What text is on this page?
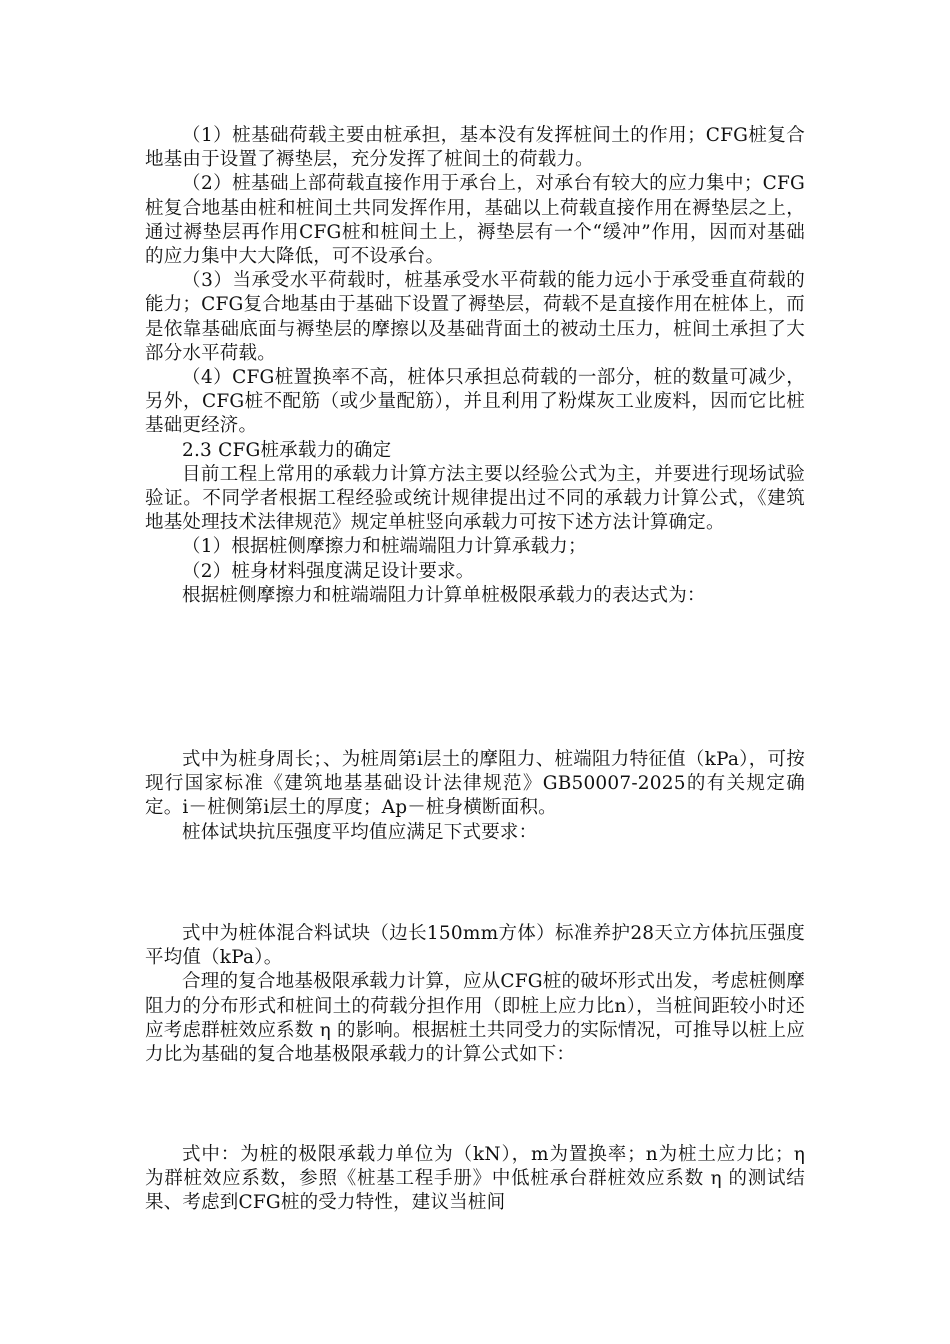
（1）桩基础荷载主要由桩承担，基本没有发挥桩间土的作用；CFG桩复合地基由于设置了褥垫层，充分发挥了桩间土的荷载力。

（2）桩基础上部荷载直接作用于承台上，对承台有较大的应力集中；CFG桩复合地基由桩和桩间土共同发挥作用，基础以上荷载直接作用在褥垫层之上，通过褥垫层再作用CFG桩和桩间土上，褥垫层有一个“缓冲”作用，因而对基础的应力集中大大降低，可不设承台。

（3）当承受水平荷载时，桩基承受水平荷载的能力远小于承受垂直荷载的能力；CFG复合地基由于基础下设置了褥垫层，荷载不是直接作用在桩体上，而是依靠基础底面与褥垫层的摩擦以及基础背面土的被动土压力，桩间土承担了大部分水平荷载。

（4）CFG桩置换率不高，桩体只承担总荷载的一部分，桩的数量可减少，另外，CFG桩不配筋（或少量配筋），并且利用了粉煤灰工业废料，因而它比桩基础更经济。

2.3 CFG桩承载力的确定

目前工程上常用的承载力计算方法主要以经验公式为主，并要进行现场试验验证。不同学者根据工程经验或统计规律提出过不同的承载力计算公式，《建筑地基处理技术法律规范》规定单桩竖向承载力可按下述方法计算确定。

（1）根据桩侧摩擦力和桩端端阻力计算承载力；

（2）桩身材料强度满足设计要求。

根据桩侧摩擦力和桩端端阻力计算单桩极限承载力的表达式为：

式中为桩身周长；、为桩周第i层土的摩阻力、桩端阻力特征值（kPa），可按现行国家标准《建筑地基基础设计法律规范》GB50007-2025的有关规定确定。i－桩侧第i层土的厚度；Ap－桩身横断面积。

桩体试块抗压强度平均值应满足下式要求：

式中为桩体混合料试块（边长150mm方体）标准养护28天立方体抗压强度平均值（kPa）。

合理的复合地基极限承载力计算，应从CFG桩的破坏形式出发，考虑桩侧摩阻力的分布形式和桩间土的荷载分担作用（即桩上应力比n），当桩间距较小时还应考虑群桩效应系数 η 的影响。根据桩土共同受力的实际情况，可推导以桩上应力比为基础的复合地基极限承载力的计算公式如下：

式中：为桩的极限承载力单位为（kN），m为置换率；n为桩土应力比；η 为群桩效应系数，参照《桩基工程手册》中低桩承台群桩效应系数 η 的测试结果、考虑到CFG桩的受力特性，建议当桩间
